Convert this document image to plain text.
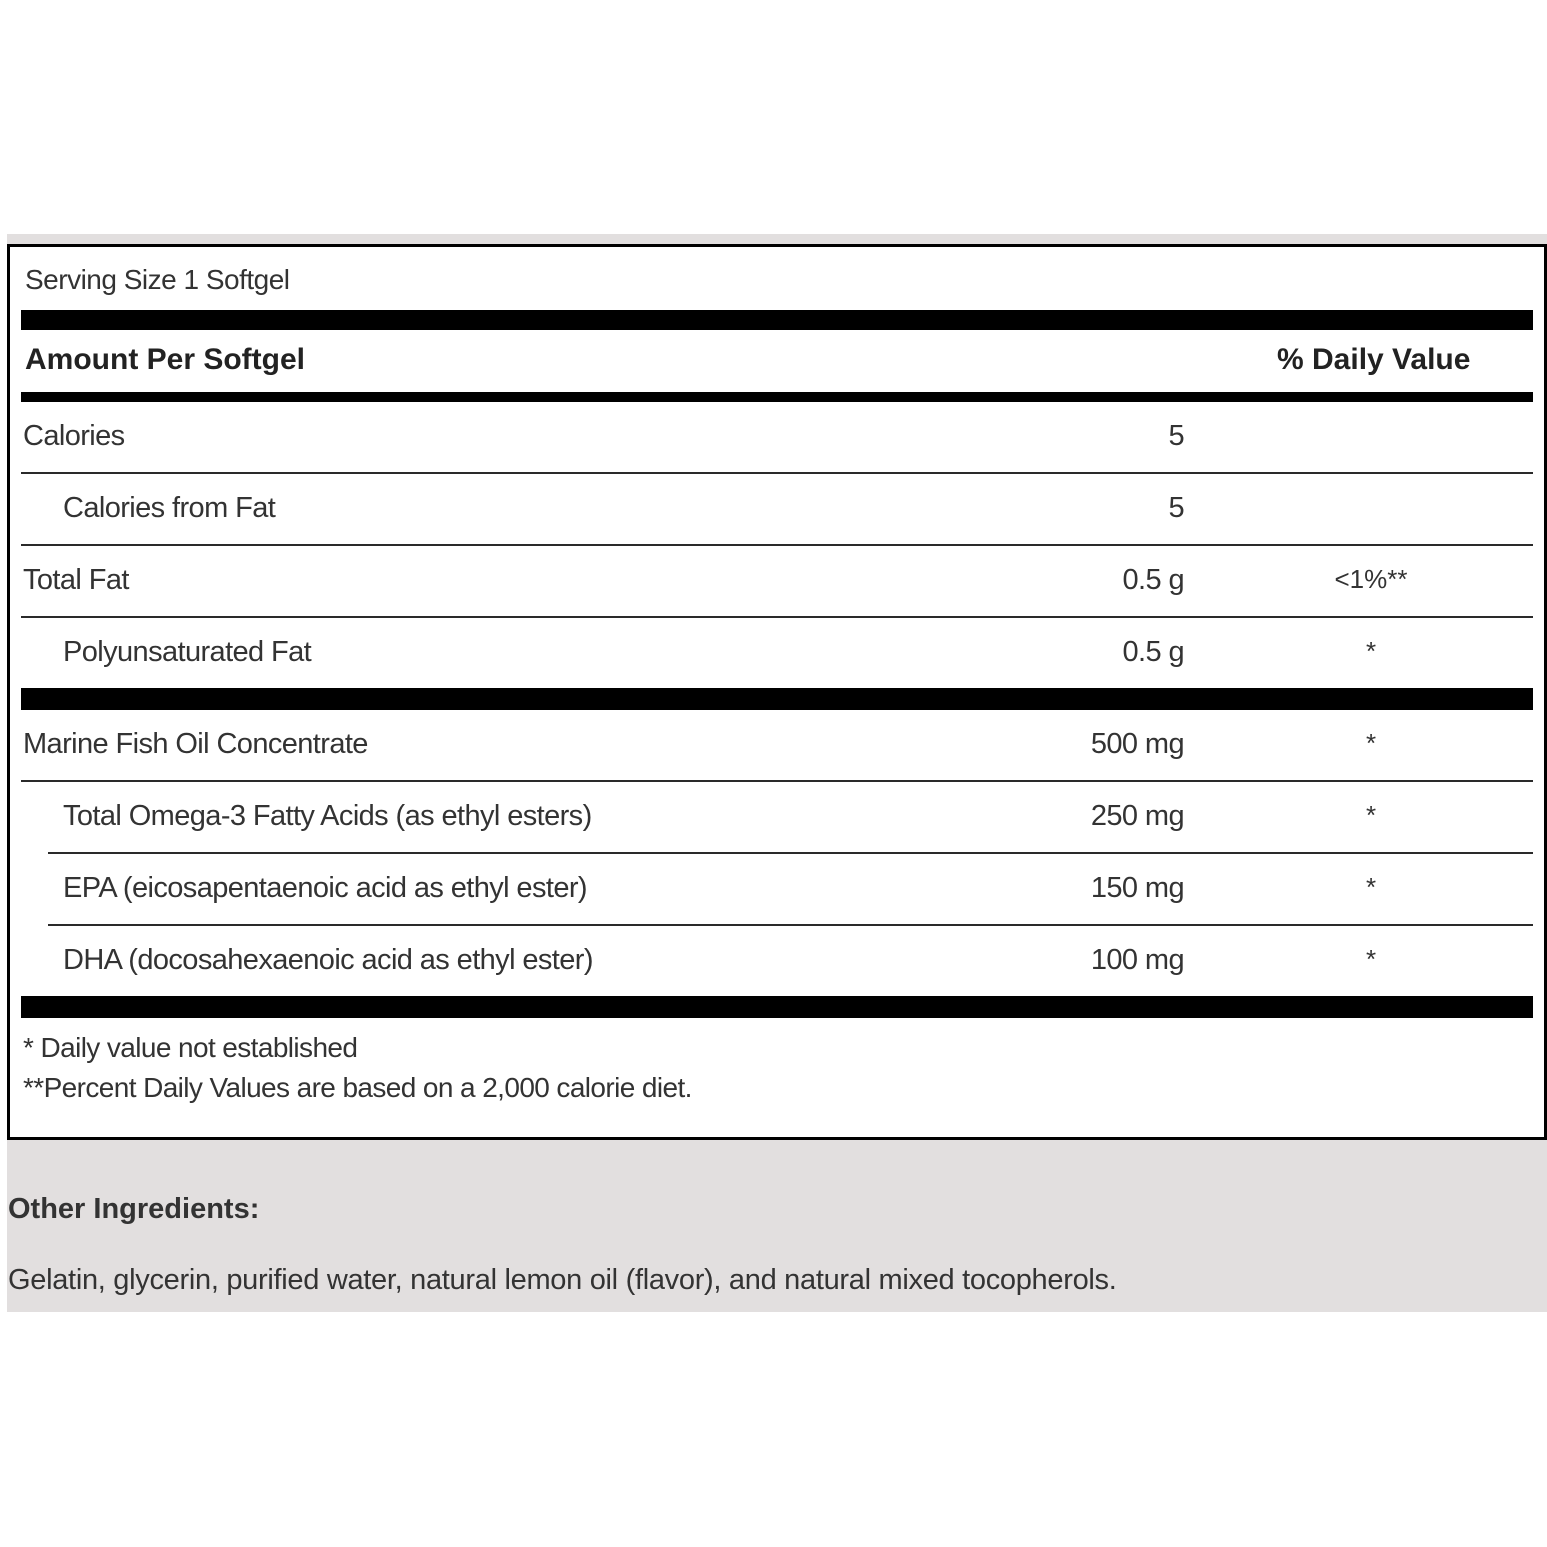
Serving Size 1 Softgel
Amount Per Softgel	% Daily Value
Calories	5
Calories from Fat	5
Total Fat	0.5 g	<1%**
Polyunsaturated Fat	0.5 g	*
Marine Fish Oil Concentrate	500 mg	*
Total Omega-3 Fatty Acids (as ethyl esters)	250 mg	*
EPA (eicosapentaenoic acid as ethyl ester)	150 mg	*
DHA (docosahexaenoic acid as ethyl ester)	100 mg	*
* Daily value not established
**Percent Daily Values are based on a 2,000 calorie diet.
Other Ingredients:
Gelatin, glycerin, purified water, natural lemon oil (flavor), and natural mixed tocopherols.
